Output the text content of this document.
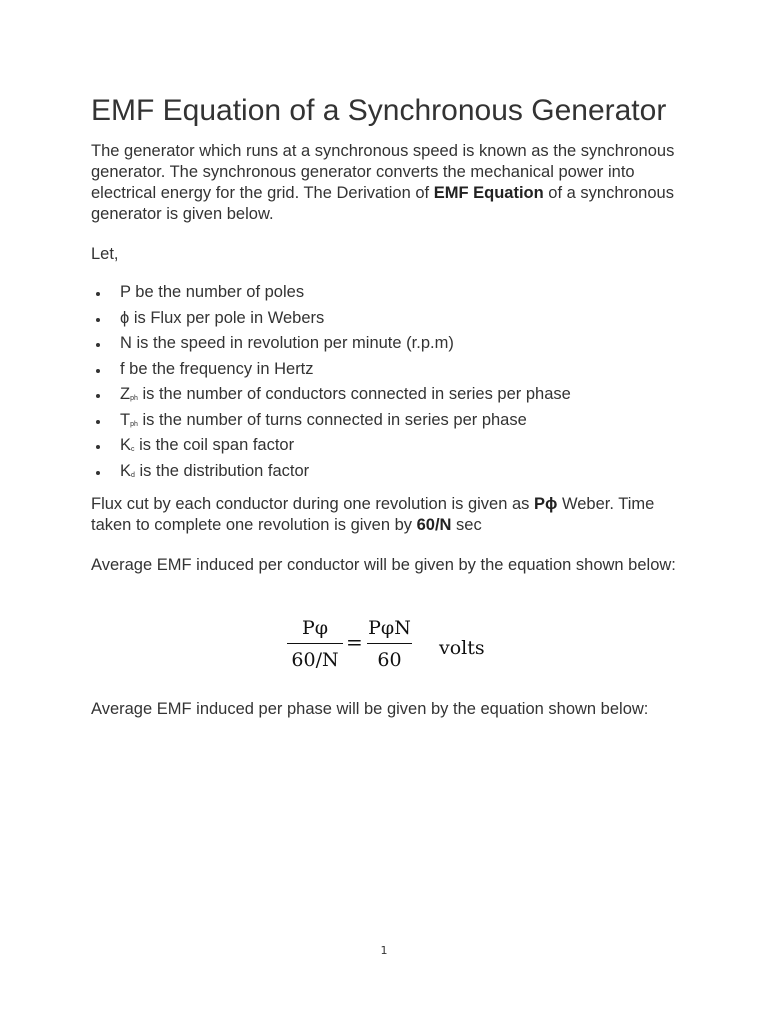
EMF Equation of a Synchronous Generator

The generator which runs at a synchronous speed is known as the synchronous generator. The synchronous generator converts the mechanical power into electrical energy for the grid. The Derivation of EMF Equation of a synchronous generator is given below.

Let,

P be the number of poles
ϕ is Flux per pole in Webers
N is the speed in revolution per minute (r.p.m)
f be the frequency in Hertz
$Z_{ph}$ is the number of conductors connected in series per phase
$T_{ph}$ is the number of turns connected in series per phase
$K_c$ is the coil span factor
$K_d$ is the distribution factor

Flux cut by each conductor during one revolution is given as Pϕ Weber. Time taken to complete one revolution is given by 60/N sec

Average EMF induced per conductor will be given by the equation shown below:

$\frac{P\varphi}{60/N}$ =
PφN
60
volts

Average EMF induced per phase will be given by the equation shown below:

1
